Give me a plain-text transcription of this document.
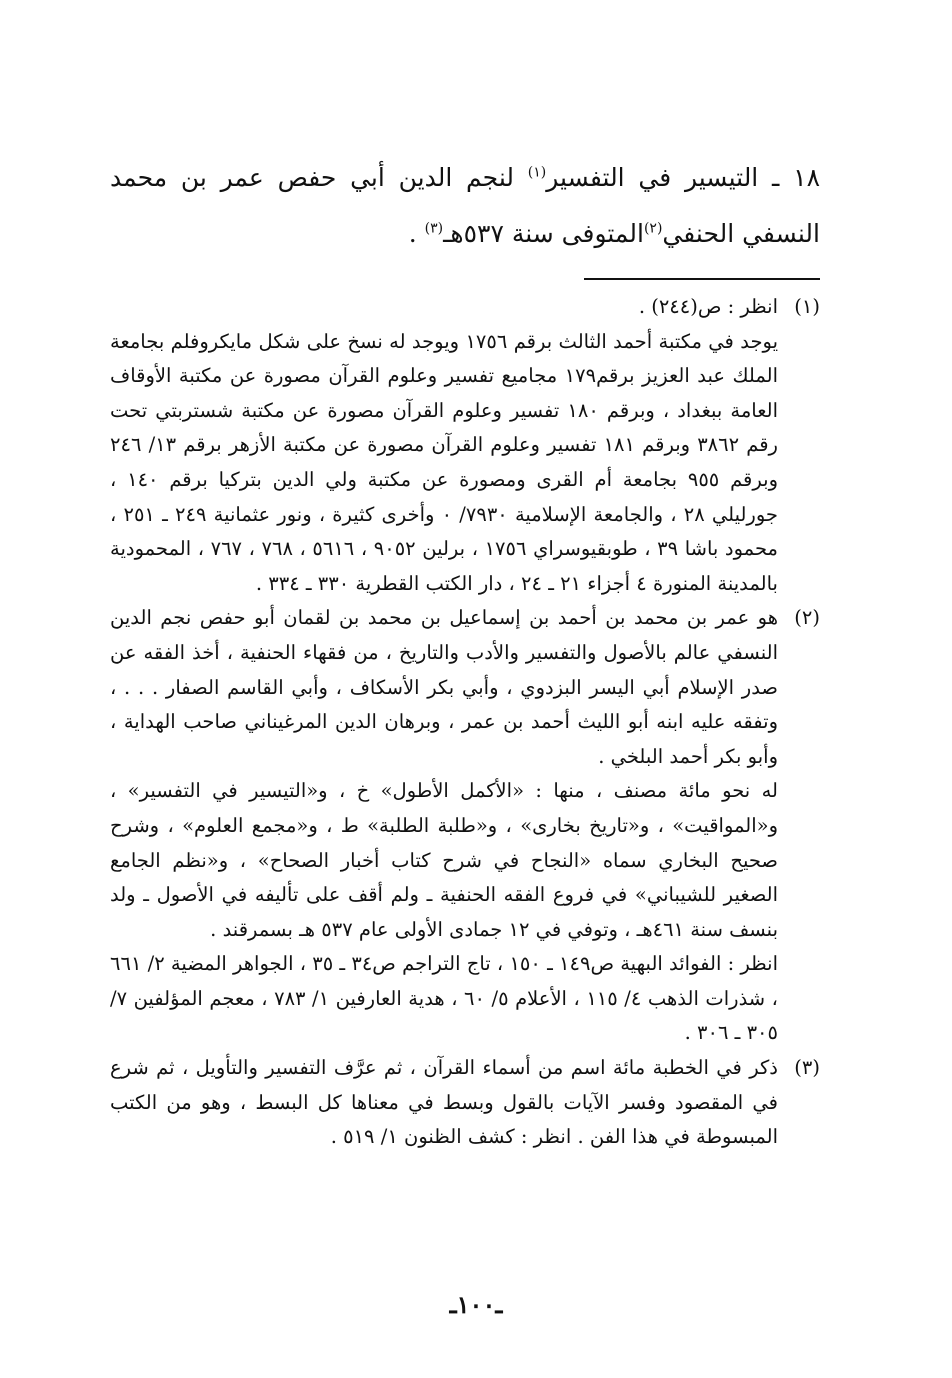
١٨ ـ التيسير في التفسير$^{(١)}$ لنجم الدين أبي حفص عمر بن محمد النسفي الحنفي$^{(٢)}$المتوفى سنة ٥٣٧هـ$^{(٣)}$ .

(١)

انظر : ص(٢٤٤) .

يوجد في مكتبة أحمد الثالث برقم ١٧٥٦ ويوجد له نسخ على شكل مايكروفلم بجامعة الملك عبد العزيز برقم١٧٩ مجاميع تفسير وعلوم القرآن مصورة عن مكتبة الأوقاف العامة ببغداد ، وبرقم ١٨٠ تفسير وعلوم القرآن مصورة عن مكتبة شستربتي تحت رقم ٣٨٦٢ وبرقم ١٨١ تفسير وعلوم القرآن مصورة عن مكتبة الأزهر برقم ١٣/ ٢٤٦ وبرقم ٩٥٥ بجامعة أم القرى ومصورة عن مكتبة ولي الدين بتركيا برقم ١٤٠ ، جورليلي ٢٨ ، والجامعة الإسلامية ٧٩٣٠/ ٠ وأخرى كثيرة ، ونور عثمانية ٢٤٩ ـ ٢٥١ ، محمود باشا ٣٩ ، طوبقيوسراي ١٧٥٦ ، برلين ٩٠٥٢ ، ٥٦١٦ ، ٧٦٨ ، ٧٦٧ ، المحمودية بالمدينة المنورة ٤ أجزاء ٢١ ـ ٢٤ ، دار الكتب القطرية ٣٣٠ ـ ٣٣٤ .

(٢)

هو عمر بن محمد بن أحمد بن إسماعيل بن محمد بن لقمان أبو حفص نجم الدين النسفي عالم بالأصول والتفسير والأدب والتاريخ ، من فقهاء الحنفية ، أخذ الفقه عن صدر الإسلام أبي اليسر البزدوي ، وأبي بكر الأسكاف ، وأبي القاسم الصفار . . . ، وتفقه عليه ابنه أبو الليث أحمد بن عمر ، وبرهان الدين المرغيناني صاحب الهداية ، وأبو بكر أحمد البلخي .

له نحو مائة مصنف ، منها : «الأكمل الأطول» خ ، و«التيسير في التفسير» ، و«المواقيت» ، و«تاريخ بخارى» ، و«طلبة الطلبة» ط ، و«مجمع العلوم» ، وشرح صحيح البخاري سماه «النجاح في شرح كتاب أخبار الصحاح» ، و«نظم الجامع الصغير للشيباني» في فروع الفقه الحنفية ـ ولم أقف على تأليفه في الأصول ـ ولد بنسف سنة ٤٦١هـ ، وتوفي في ١٢ جمادى الأولى عام ٥٣٧ هـ بسمرقند .

انظر : الفوائد البهية ص١٤٩ ـ ١٥٠ ، تاج التراجم ص٣٤ ـ ٣٥ ، الجواهر المضية ٢/ ٦٦١ ، شذرات الذهب ٤/ ١١٥ ، الأعلام ٥/ ٦٠ ، هدية العارفين ١/ ٧٨٣ ، معجم المؤلفين ٧/ ٣٠٥ ـ ٣٠٦ .

(٣)

ذكر في الخطبة مائة اسم من أسماء القرآن ، ثم عرَّف التفسير والتأويل ، ثم شرع في المقصود وفسر الآيات بالقول وبسط في معناها كل البسط ، وهو من الكتب المبسوطة في هذا الفن . انظر : كشف الظنون ١/ ٥١٩ .

ـ١٠٠ـ
